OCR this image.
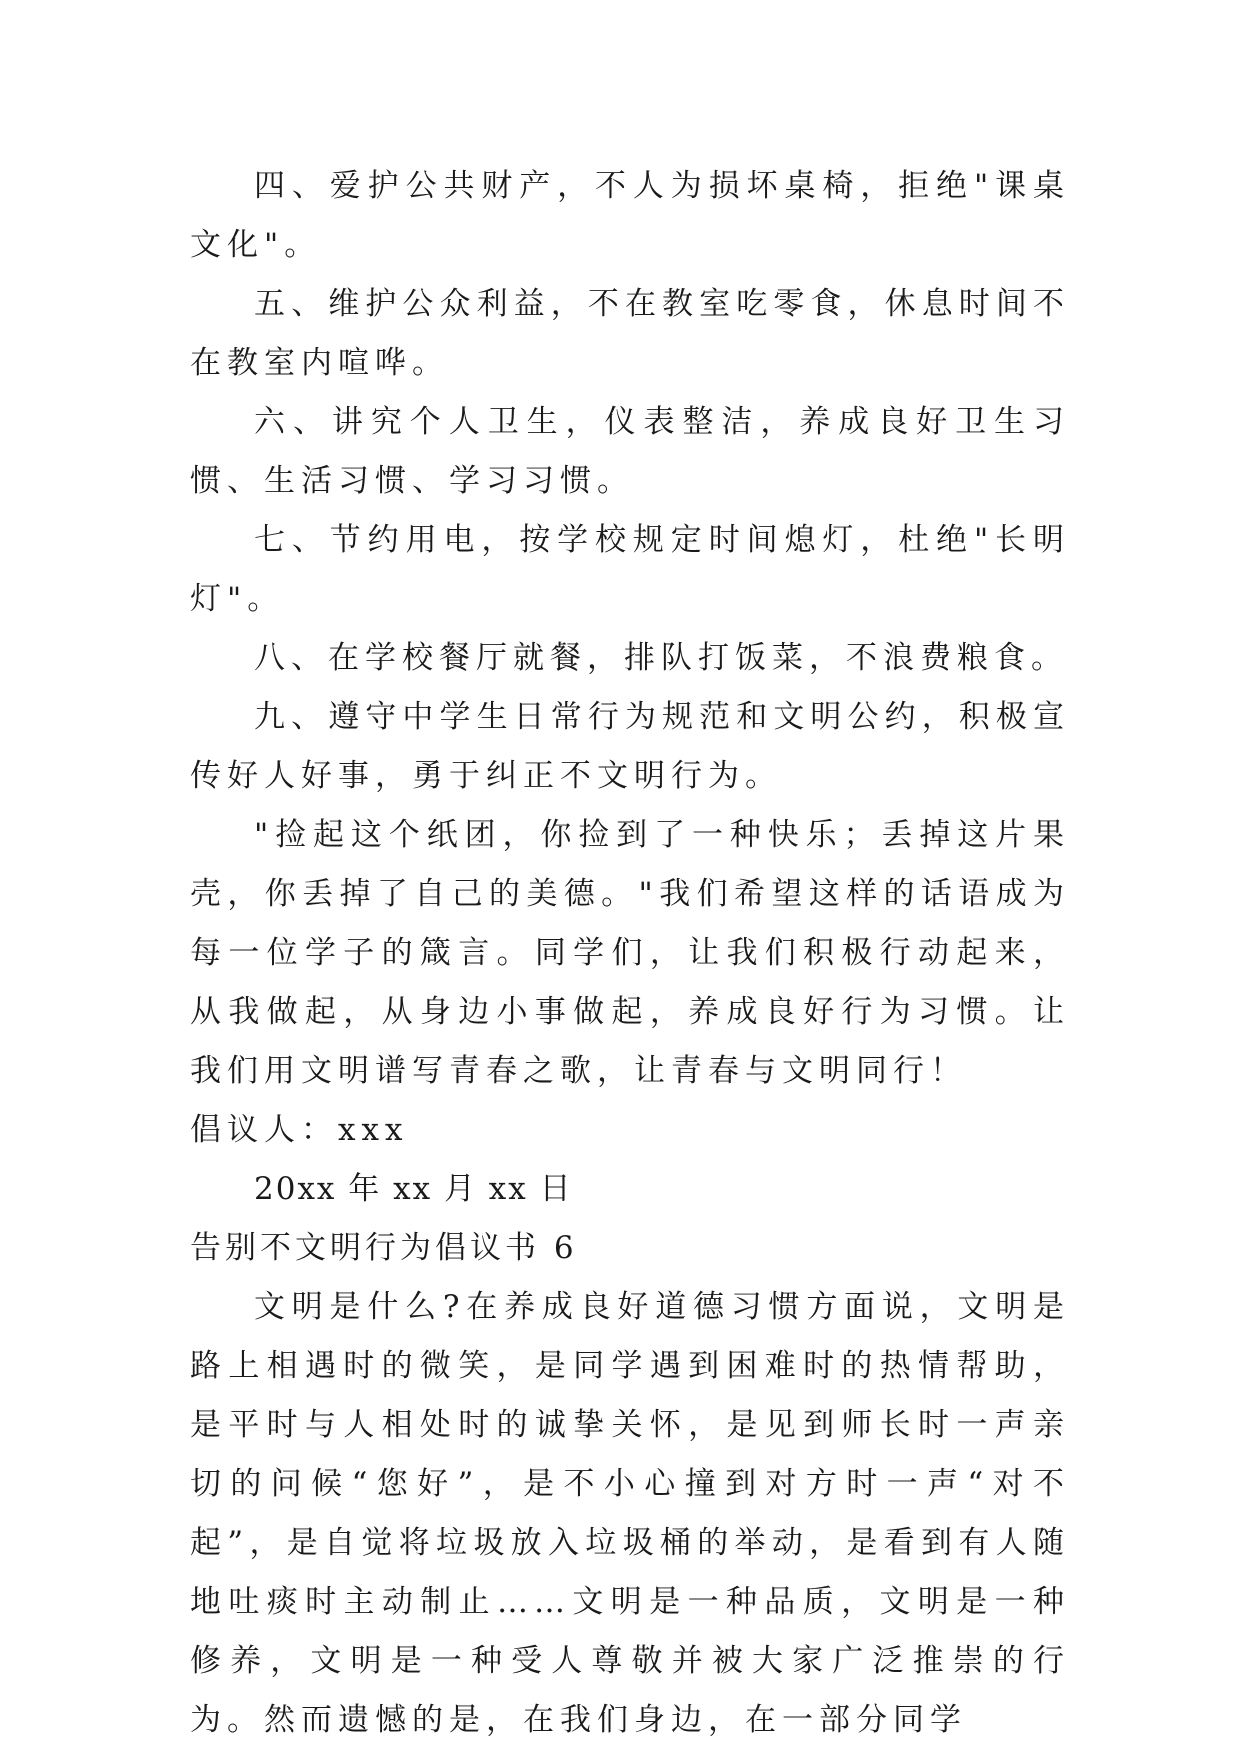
四、爱护公共财产，不人为损坏桌椅，拒绝"课桌文化"。

五、维护公众利益，不在教室吃零食，休息时间不在教室内喧哗。

六、讲究个人卫生，仪表整洁，养成良好卫生习惯、生活习惯、学习习惯。

七、节约用电，按学校规定时间熄灯，杜绝"长明灯"。

八、在学校餐厅就餐，排队打饭菜，不浪费粮食。

九、遵守中学生日常行为规范和文明公约，积极宣传好人好事，勇于纠正不文明行为。

"捡起这个纸团，你捡到了一种快乐；丢掉这片果壳，你丢掉了自己的美德。"我们希望这样的话语成为每一位学子的箴言。同学们，让我们积极行动起来，从我做起，从身边小事做起，养成良好行为习惯。让我们用文明谱写青春之歌，让青春与文明同行！

倡议人：xxx

20xx 年 xx 月 xx 日

告别不文明行为倡议书 6

文明是什么?在养成良好道德习惯方面说，文明是路上相遇时的微笑，是同学遇到困难时的热情帮助，是平时与人相处时的诚挚关怀，是见到师长时一声亲切的问候“您好”，是不小心撞到对方时一声“对不起”，是自觉将垃圾放入垃圾桶的举动，是看到有人随地吐痰时主动制止……文明是一种品质，文明是一种修养，文明是一种受人尊敬并被大家广泛推崇的行为。然而遗憾的是，在我们身边，在一部分同学
